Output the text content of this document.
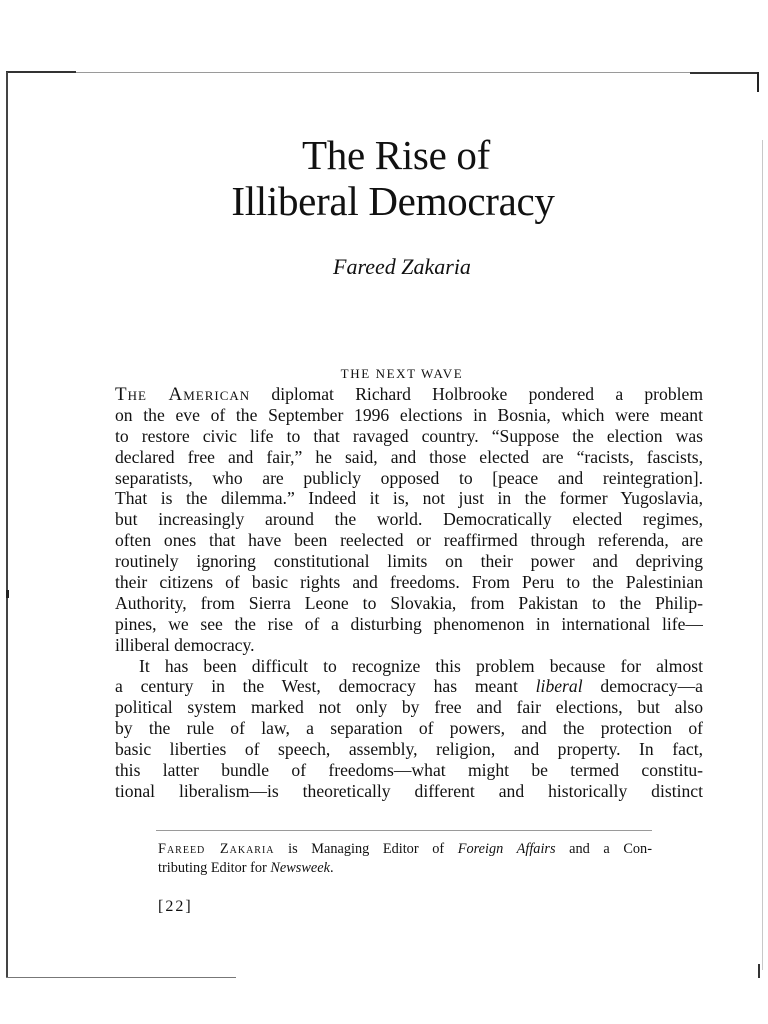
The Rise of
Illiberal Democracy
Fareed Zakaria
THE NEXT WAVE
The American diplomat Richard Holbrooke pondered a problem
on the eve of the September 1996 elections in Bosnia, which were meant
to restore civic life to that ravaged country. “Suppose the election was
declared free and fair,” he said, and those elected are “racists, fascists,
separatists, who are publicly opposed to [peace and reintegration].
That is the dilemma.” Indeed it is, not just in the former Yugoslavia,
but increasingly around the world. Democratically elected regimes,
often ones that have been reelected or reaffirmed through referenda, are
routinely ignoring constitutional limits on their power and depriving
their citizens of basic rights and freedoms. From Peru to the Palestinian
Authority, from Sierra Leone to Slovakia, from Pakistan to the Philip-
pines, we see the rise of a disturbing phenomenon in international life—
illiberal democracy.
It has been difficult to recognize this problem because for almost
a century in the West, democracy has meant liberal democracy—a
political system marked not only by free and fair elections, but also
by the rule of law, a separation of powers, and the protection of
basic liberties of speech, assembly, religion, and property. In fact,
this latter bundle of freedoms—what might be termed constitu-
tional liberalism—is theoretically different and historically distinct
Fareed Zakaria is Managing Editor of Foreign Affairs and a Con-
tributing Editor for Newsweek.
[22]
